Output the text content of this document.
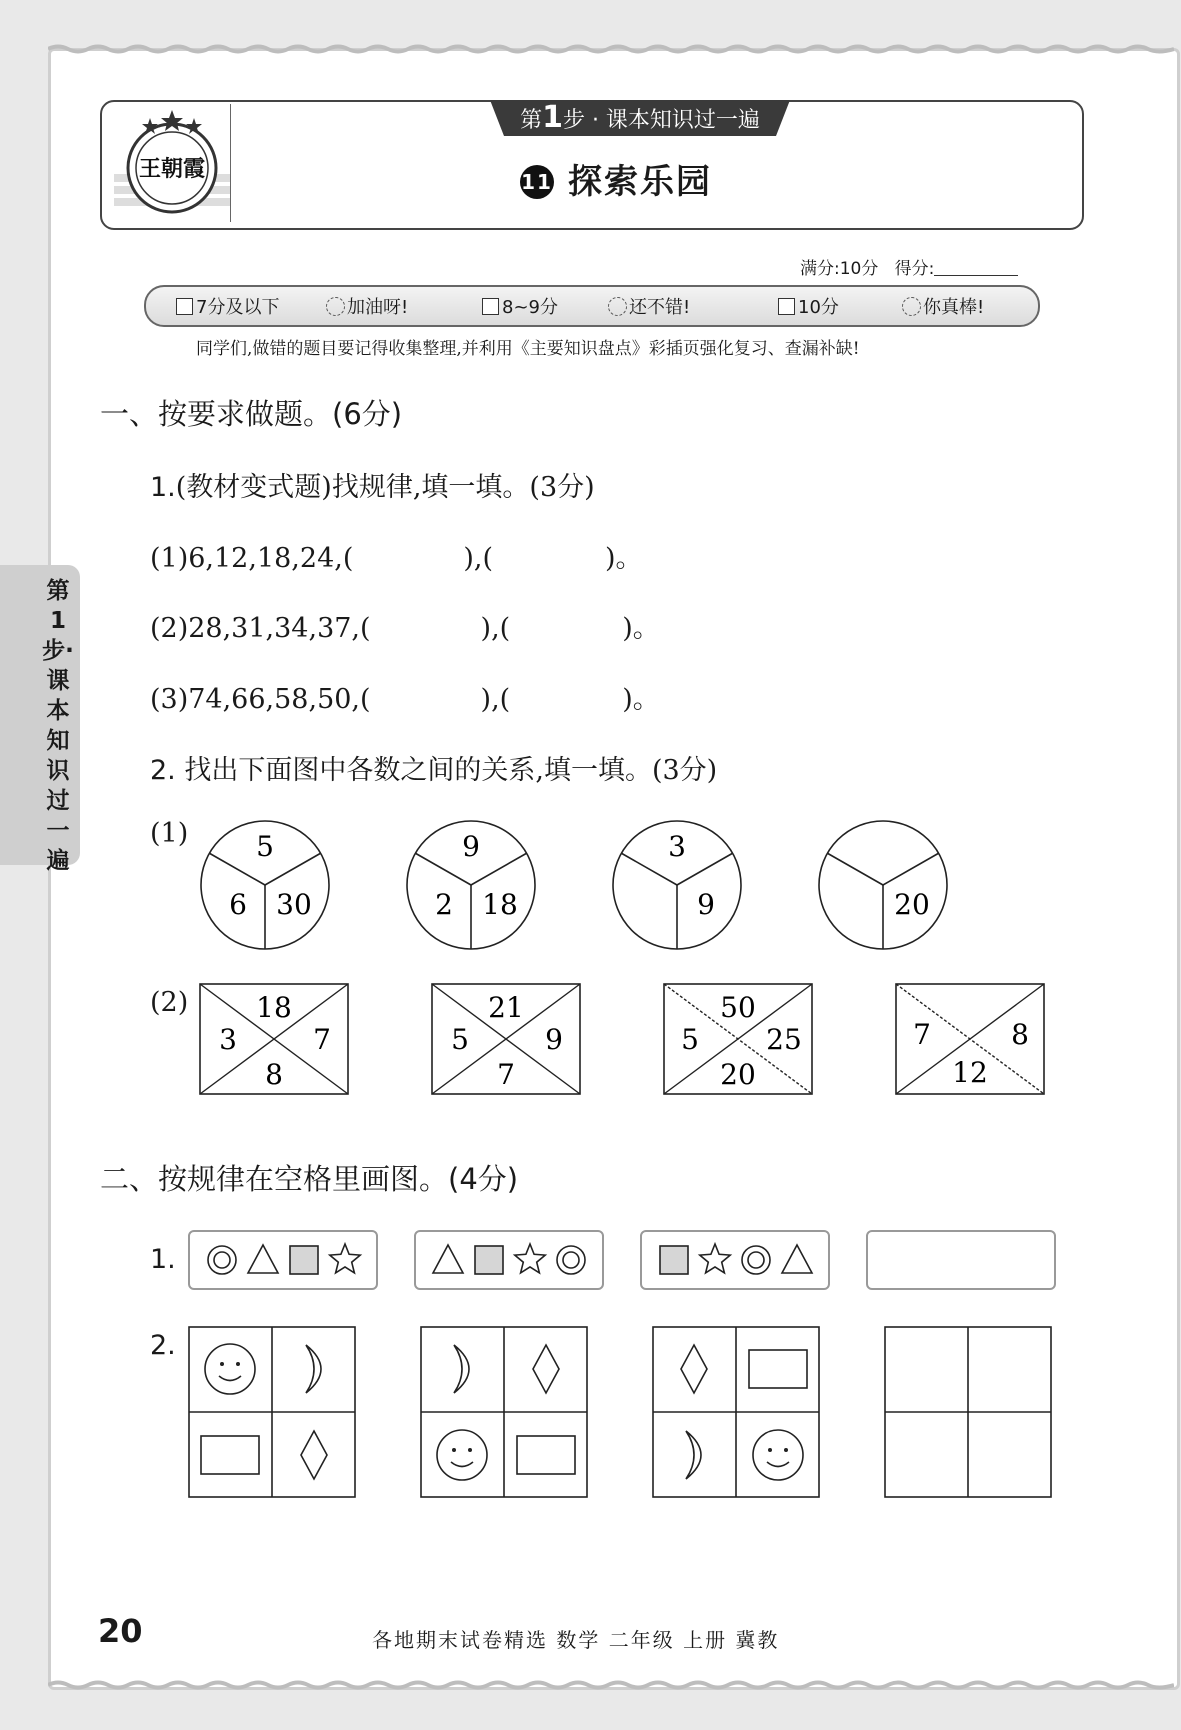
王朝霞
第1步 · 课本知识过一遍
11 探索乐园
满分:10分 得分:
7分及以下	加油呀!	8~9分	还不错!	10分	你真棒!
同学们,做错的题目要记得收集整理,并利用《主要知识盘点》彩插页强化复习、查漏补缺!
一、按要求做题。(6分)
1.(教材变式题)找规律,填一填。(3分)
(1)6,12,18,24,(	),(	)。
(2)28,31,34,37,(	),(	)。
(3)74,66,58,50,(	),(	)。
2. 找出下面图中各数之间的关系,填一填。(3分)
(1)
(2)
5
6 30
9
2 18
3
9	20
18
3	7
8
21
5	9
7
50
5 25
20
7	8
12
二、按规律在空格里画图。(4分)
1.
2.
第1步·课本知识过一遍
20	各地期末试卷精选 数学 二年级 上册 冀教
